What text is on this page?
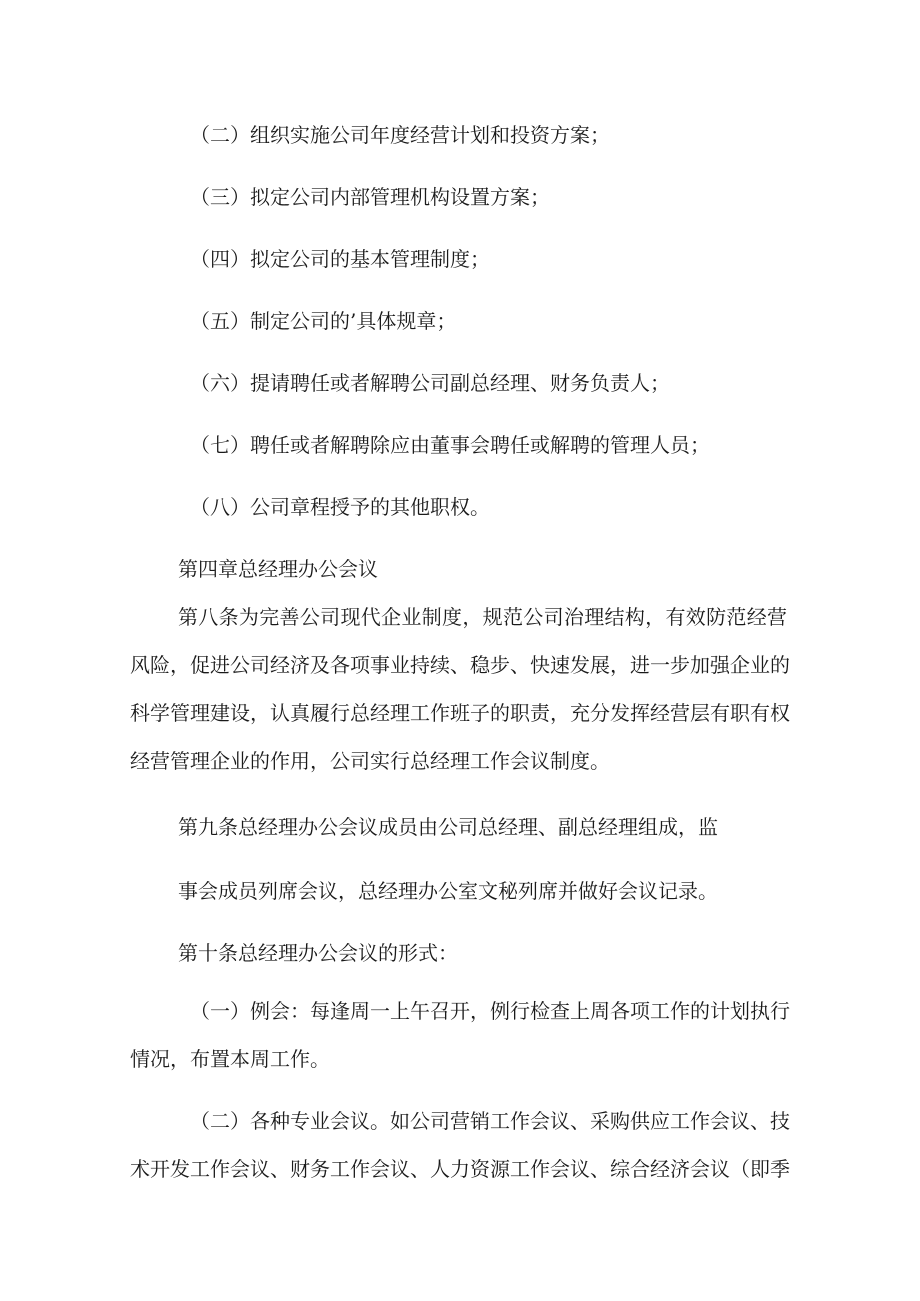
（二）组织实施公司年度经营计划和投资方案；
（三）拟定公司内部管理机构设置方案；
（四）拟定公司的基本管理制度；
（五）制定公司的’具体规章；
（六）提请聘任或者解聘公司副总经理、财务负责人；
（七）聘任或者解聘除应由董事会聘任或解聘的管理人员；
（八）公司章程授予的其他职权。
第四章总经理办公会议
第八条为完善公司现代企业制度，规范公司治理结构，有效防范经营
风险，促进公司经济及各项事业持续、稳步、快速发展，进一步加强企业的
科学管理建设，认真履行总经理工作班子的职责，充分发挥经营层有职有权
经营管理企业的作用，公司实行总经理工作会议制度。
第九条总经理办公会议成员由公司总经理、副总经理组成，监
事会成员列席会议，总经理办公室文秘列席并做好会议记录。
第十条总经理办公会议的形式：
（一）例会：每逢周一上午召开，例行检查上周各项工作的计划执行
情况，布置本周工作。
（二）各种专业会议。如公司营销工作会议、采购供应工作会议、技
术开发工作会议、财务工作会议、人力资源工作会议、综合经济会议（即季
